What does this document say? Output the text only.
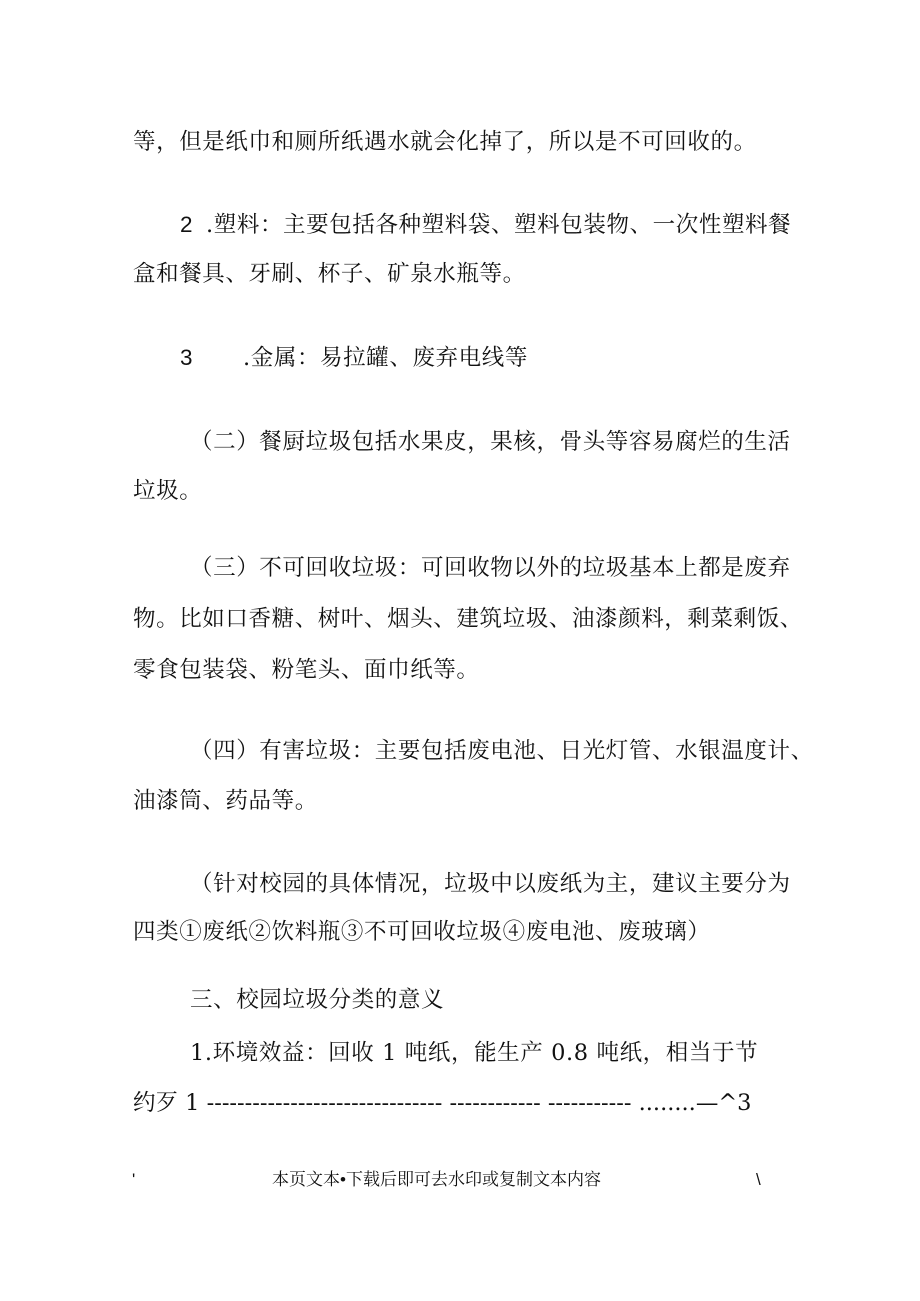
等，但是纸巾和厕所纸遇水就会化掉了，所以是不可回收的。
2 .塑料：主要包括各种塑料袋、塑料包装物、一次性塑料餐
盒和餐具、牙刷、杯子、矿泉水瓶等。
3 .金属：易拉罐、废弃电线等
（二）餐厨垃圾包括水果皮，果核，骨头等容易腐烂的生活
垃圾。
（三）不可回收垃圾：可回收物以外的垃圾基本上都是废弃
物。比如口香糖、树叶、烟头、建筑垃圾、油漆颜料，剩菜剩饭、
零食包装袋、粉笔头、面巾纸等。
（四）有害垃圾：主要包括废电池、日光灯管、水银温度计、
油漆筒、药品等。
（针对校园的具体情况，垃圾中以废纸为主，建议主要分为
四类①废纸②饮料瓶③不可回收垃圾④废电池、废玻璃）
三、校园垃圾分类的意义
1.环境效益：回收 1 吨纸，能生产 0.8 吨纸，相当于节
约歹 1 ------------------------------- ------------ ----------- ........—^3
'	本页文本•下载后即可去水印或复制文本内容	\
